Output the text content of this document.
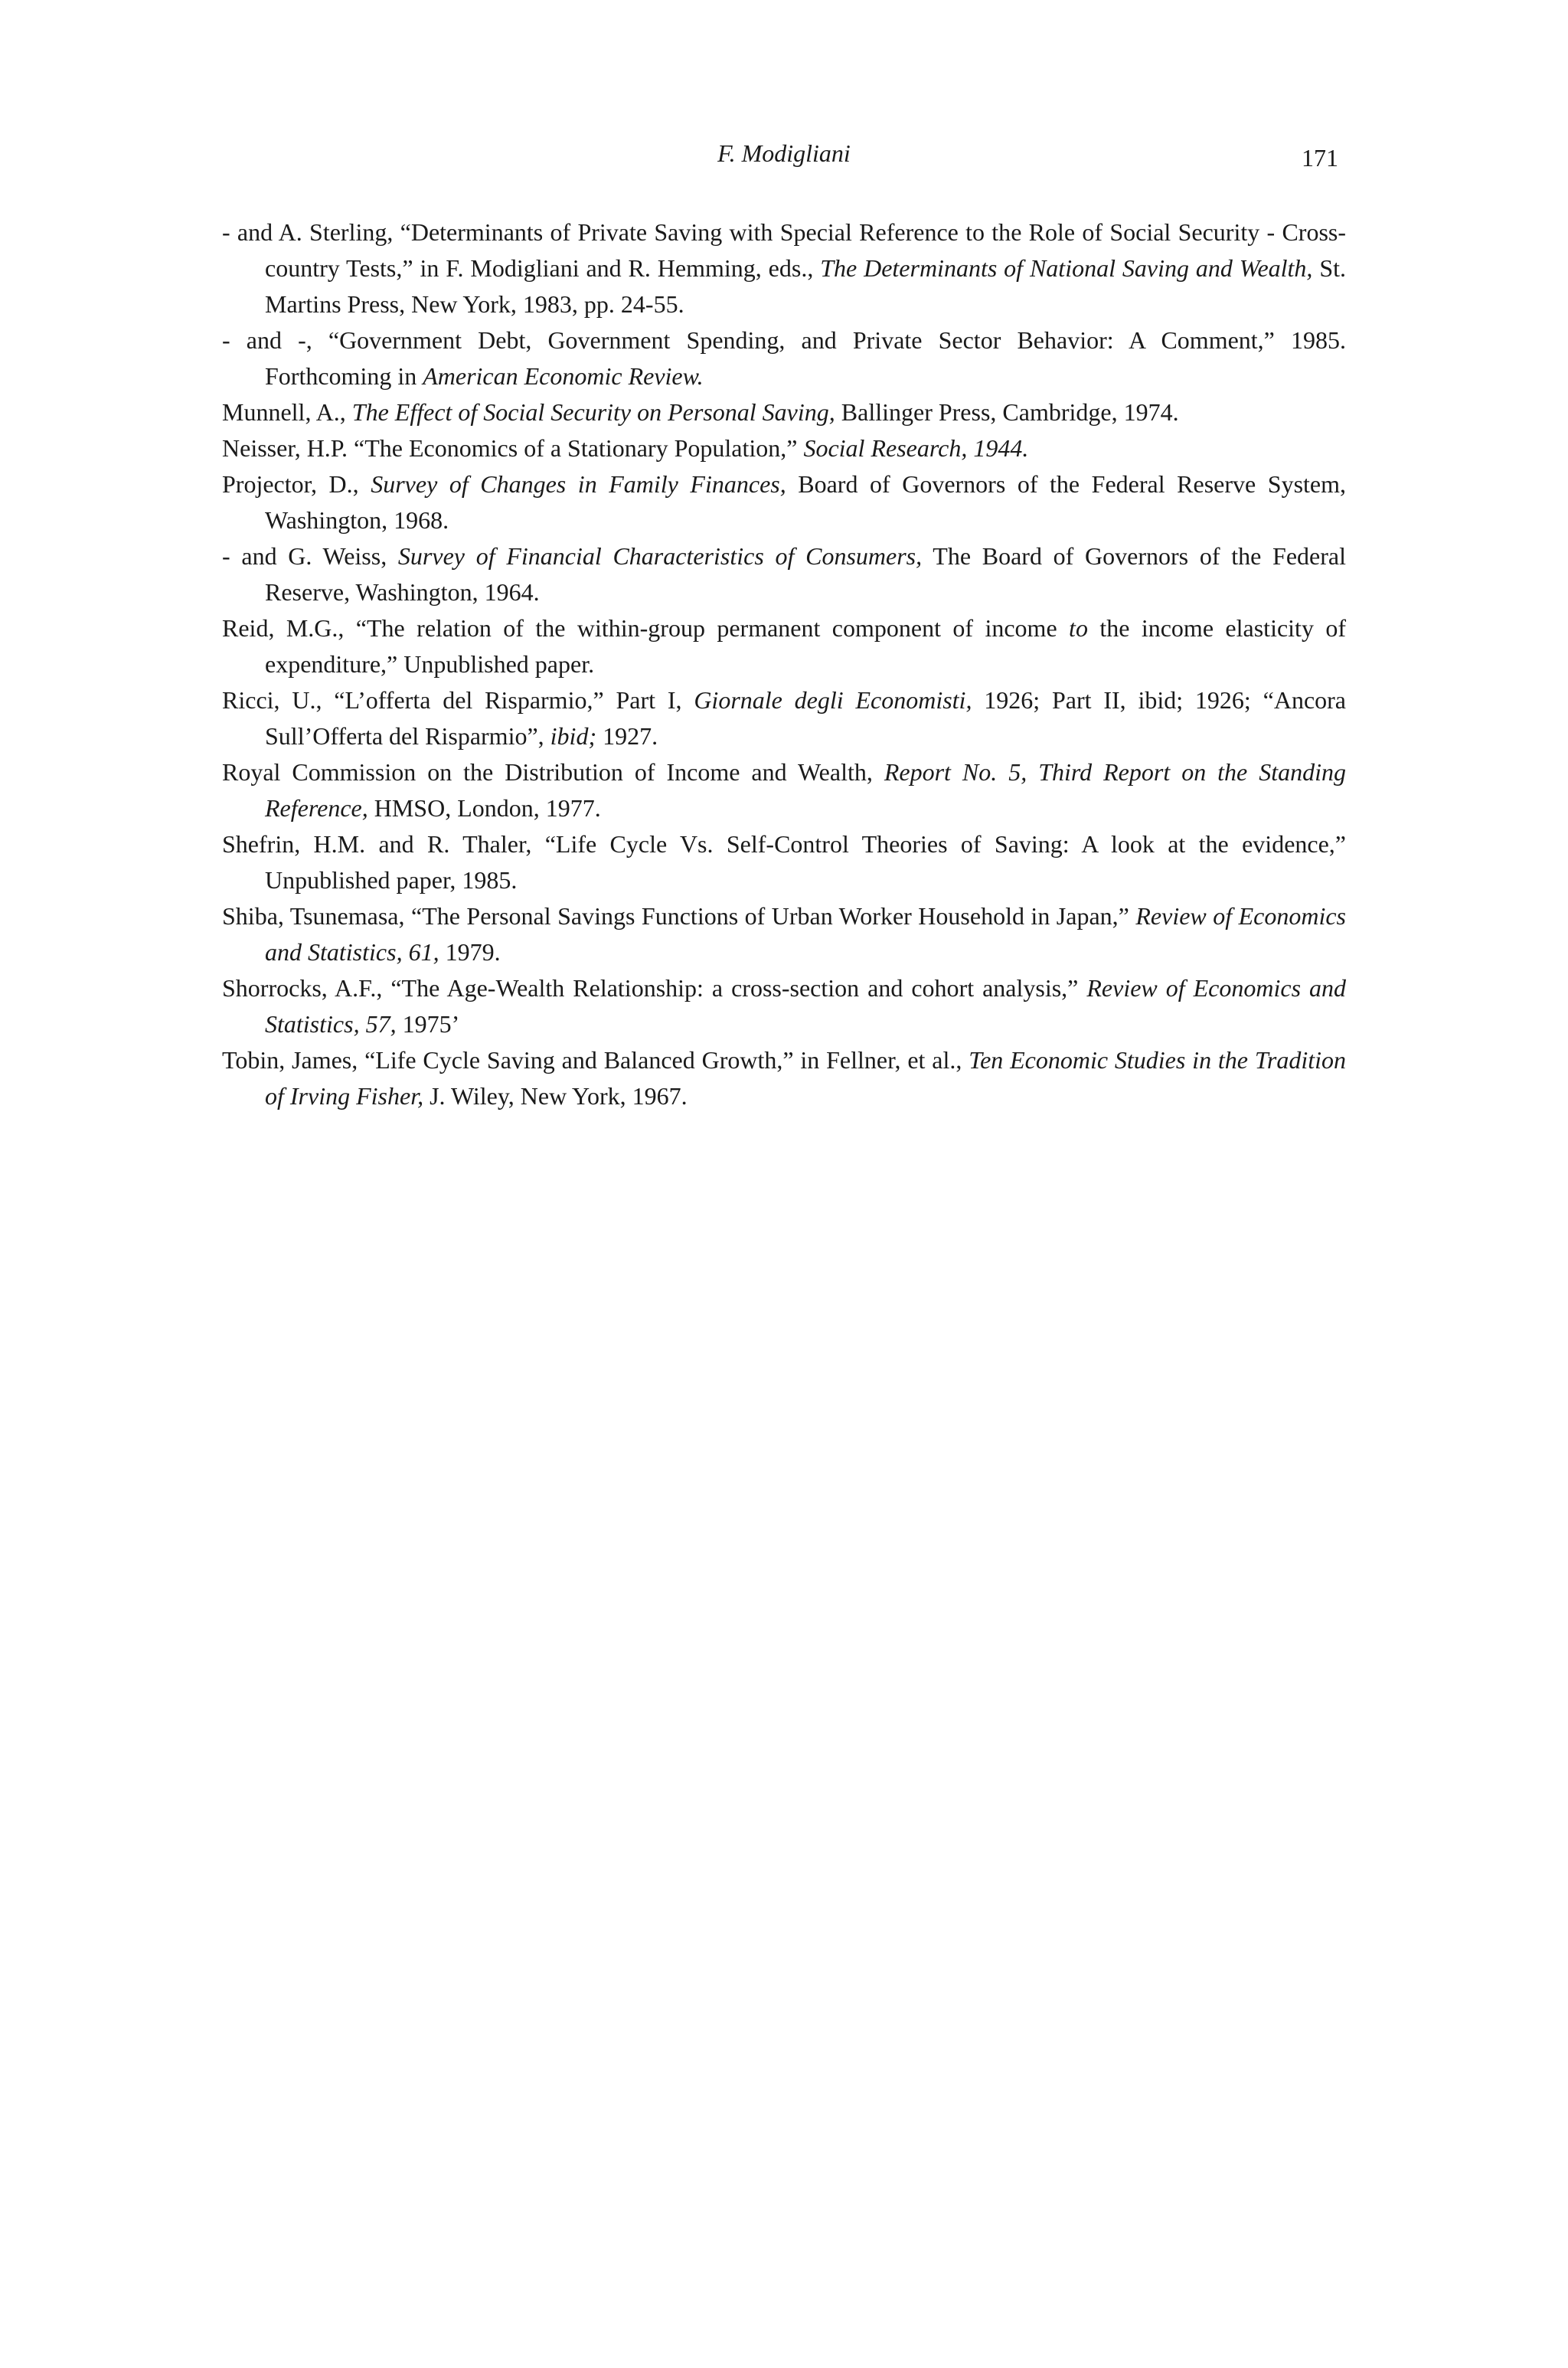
F. Modigliani	171
- and A. Sterling, “Determinants of Private Saving with Special Reference to the Role of Social Security - Cross-country Tests,” in F. Modigliani and R. Hemming, eds., The Determinants of National Saving and Wealth, St. Martins Press, New York, 1983, pp. 24-55.
- and -, “Government Debt, Government Spending, and Private Sector Behavior: A Comment,” 1985. Forthcoming in American Economic Review.
Munnell, A., The Effect of Social Security on Personal Saving, Ballinger Press, Cambridge, 1974.
Neisser, H.P. “The Economics of a Stationary Population,” Social Research, 1944.
Projector, D., Survey of Changes in Family Finances, Board of Governors of the Federal Reserve System, Washington, 1968.
- and G. Weiss, Survey of Financial Characteristics of Consumers, The Board of Governors of the Federal Reserve, Washington, 1964.
Reid, M.G., “The relation of the within-group permanent component of income to the income elasticity of expenditure,” Unpublished paper.
Ricci, U., “L’offerta del Risparmio,” Part I, Giornale degli Economisti, 1926; Part II, ibid; 1926; “Ancora Sull’Offerta del Risparmio”, ibid; 1927.
Royal Commission on the Distribution of Income and Wealth, Report No. 5, Third Report on the Standing Reference, HMSO, London, 1977.
Shefrin, H.M. and R. Thaler, “Life Cycle Vs. Self-Control Theories of Saving: A look at the evidence,” Unpublished paper, 1985.
Shiba, Tsunemasa, “The Personal Savings Functions of Urban Worker Household in Japan,” Review of Economics and Statistics, 61, 1979.
Shorrocks, A.F., “The Age-Wealth Relationship: a cross-section and cohort analysis,” Review of Economics and Statistics, 57, 1975’
Tobin, James, “Life Cycle Saving and Balanced Growth,” in Fellner, et al., Ten Economic Studies in the Tradition of Irving Fisher, J. Wiley, New York, 1967.
